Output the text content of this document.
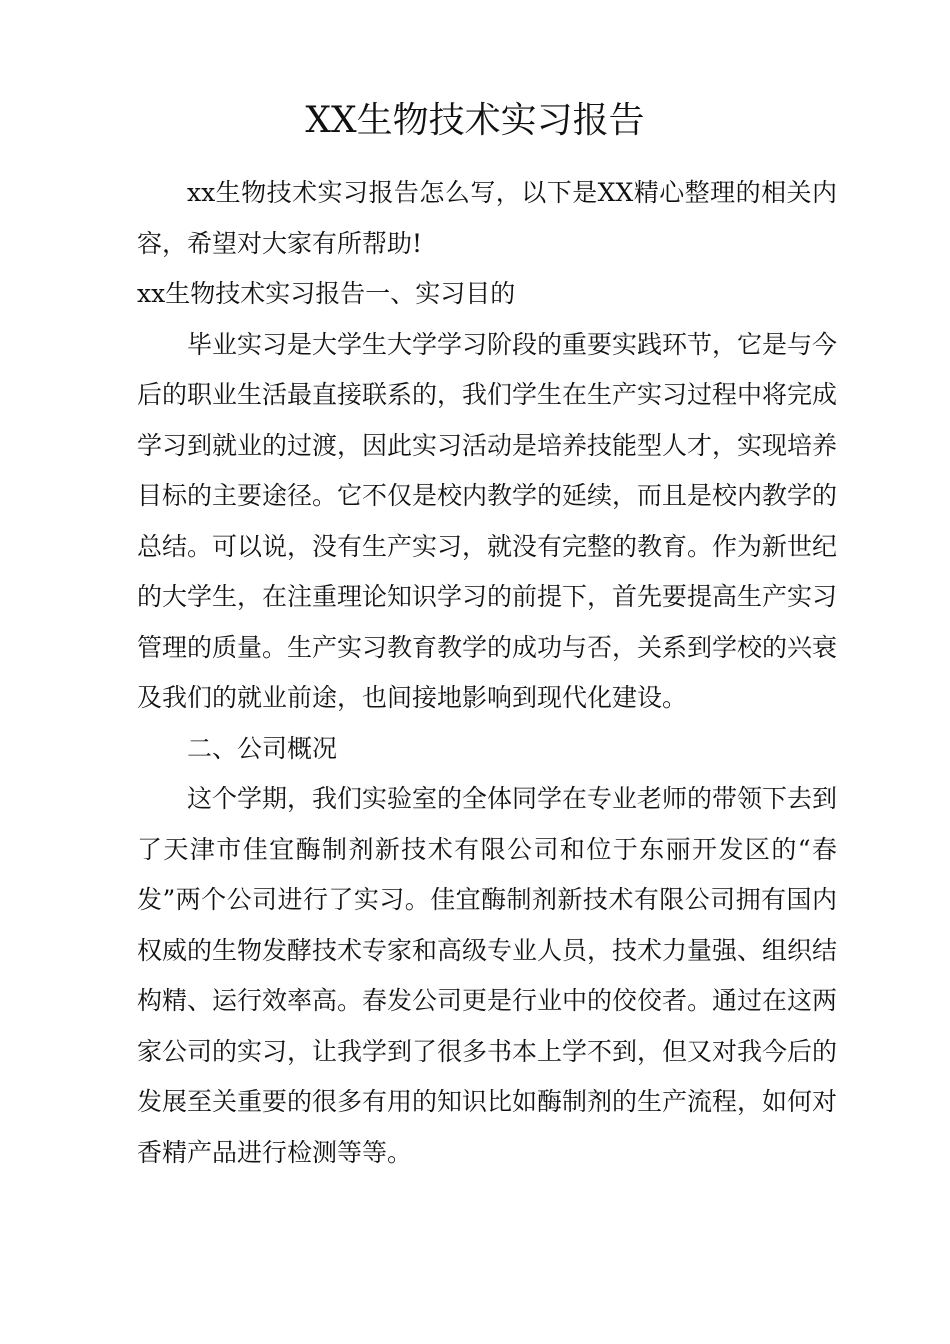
XX生物技术实习报告

xx生物技术实习报告怎么写，以下是XX精心整理的相关内容，希望对大家有所帮助!

xx生物技术实习报告一、实习目的

毕业实习是大学生大学学习阶段的重要实践环节，它是与今后的职业生活最直接联系的，我们学生在生产实习过程中将完成学习到就业的过渡，因此实习活动是培养技能型人才，实现培养目标的主要途径。它不仅是校内教学的延续，而且是校内教学的总结。可以说，没有生产实习，就没有完整的教育。作为新世纪的大学生，在注重理论知识学习的前提下，首先要提高生产实习管理的质量。生产实习教育教学的成功与否，关系到学校的兴衰及我们的就业前途，也间接地影响到现代化建设。

二、公司概况

这个学期，我们实验室的全体同学在专业老师的带领下去到了天津市佳宜酶制剂新技术有限公司和位于东丽开发区的“春发”两个公司进行了实习。佳宜酶制剂新技术有限公司拥有国内权威的生物发酵技术专家和高级专业人员，技术力量强、组织结构精、运行效率高。春发公司更是行业中的佼佼者。通过在这两家公司的实习，让我学到了很多书本上学不到，但又对我今后的发展至关重要的很多有用的知识比如酶制剂的生产流程，如何对香精产品进行检测等等。
